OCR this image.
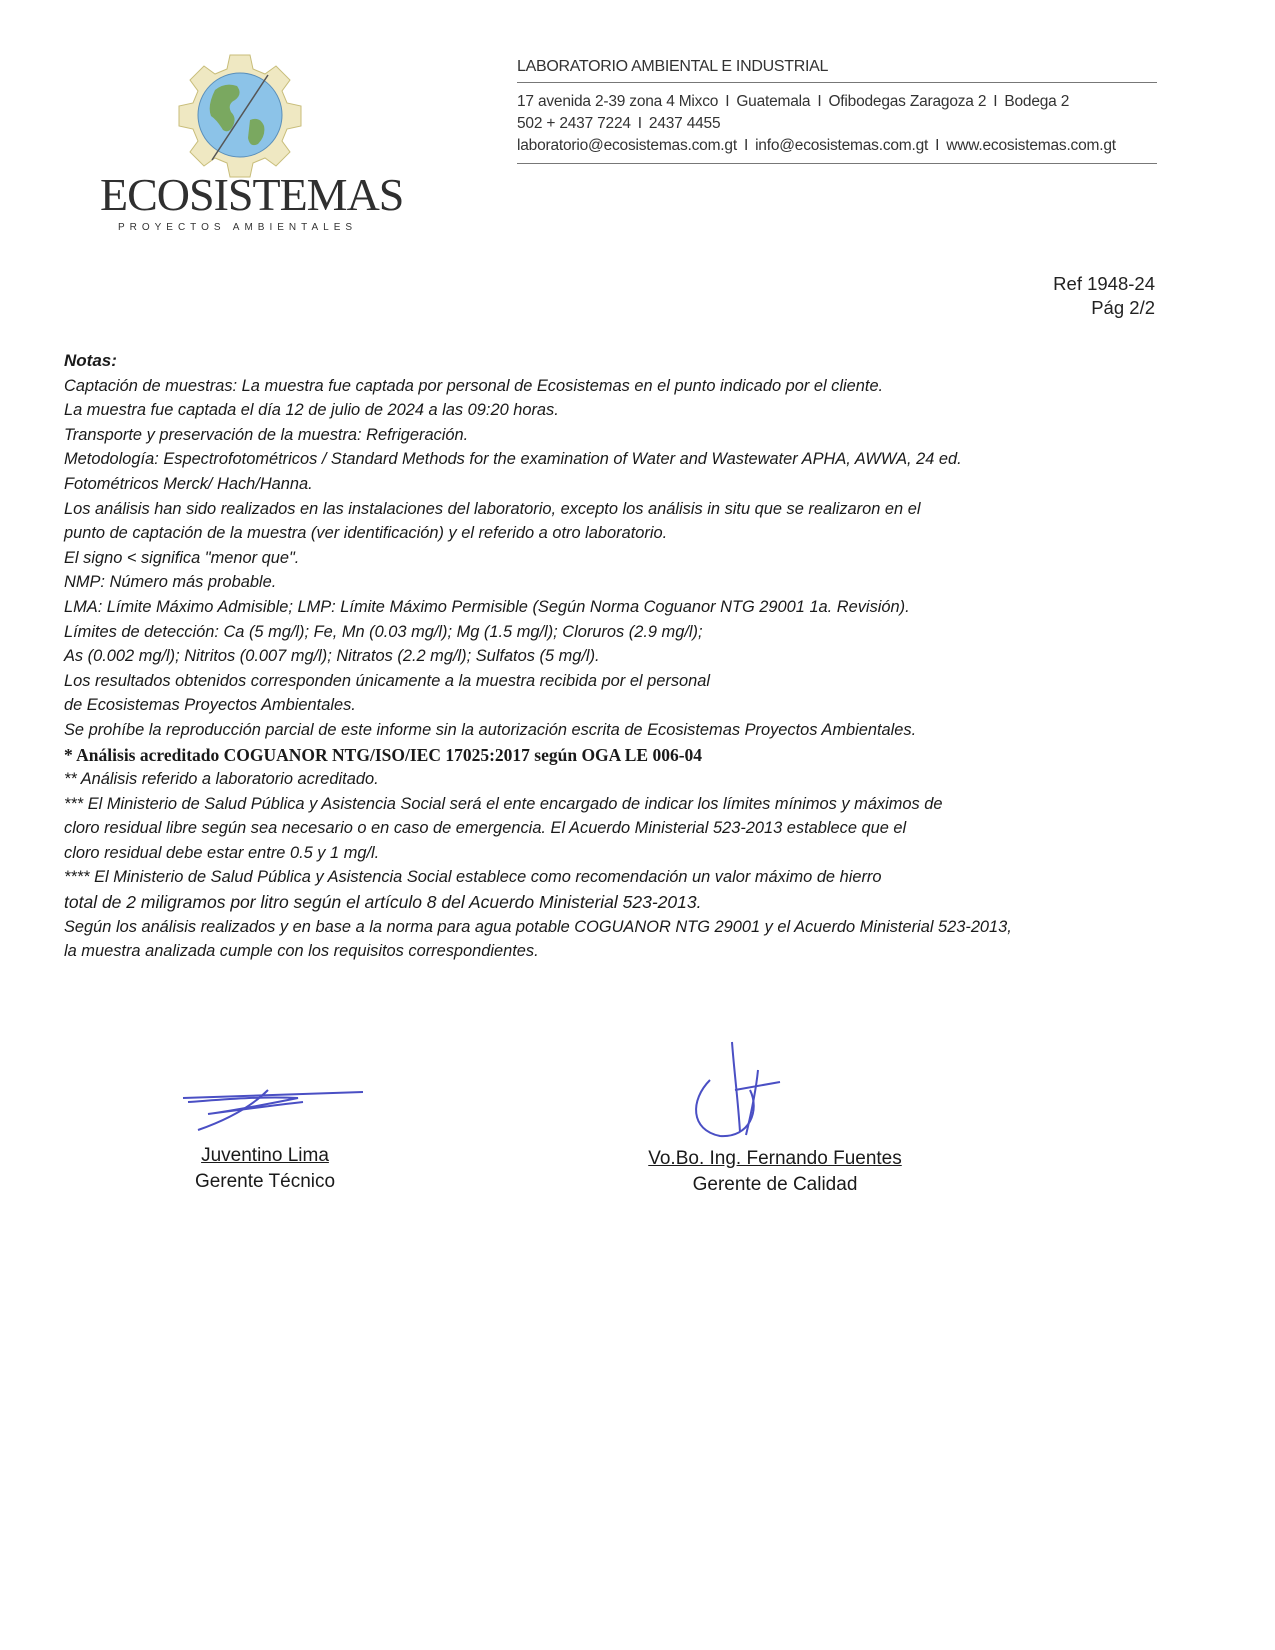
ECOSISTEMAS
PROYECTOS AMBIENTALES
LABORATORIO AMBIENTAL E INDUSTRIAL
17 avenida 2-39 zona 4 Mixco I Guatemala I Ofibodegas Zaragoza 2 I Bodega 2
502 + 2437 7224 I 2437 4455
laboratorio@ecosistemas.com.gt I info@ecosistemas.com.gt I www.ecosistemas.com.gt
Ref 1948-24
Pág 2/2
Notas:
Captación de muestras: La muestra fue captada por personal de Ecosistemas en el punto indicado por el cliente.
La muestra fue captada el día 12 de julio de 2024 a las 09:20 horas.
Transporte y preservación de la muestra: Refrigeración.
Metodología: Espectrofotométricos / Standard Methods for the examination of Water and Wastewater APHA, AWWA, 24 ed.
Fotométricos Merck/ Hach/Hanna.
Los análisis han sido realizados en las instalaciones del laboratorio, excepto los análisis in situ que se realizaron en el
punto de captación de la muestra (ver identificación) y el referido a otro laboratorio.
El signo < significa "menor que".
NMP: Número más probable.
LMA: Límite Máximo Admisible; LMP: Límite Máximo Permisible (Según Norma Coguanor NTG 29001 1a. Revisión).
Límites de detección: Ca (5 mg/l); Fe, Mn (0.03 mg/l); Mg (1.5 mg/l); Cloruros (2.9 mg/l);
As (0.002 mg/l); Nitritos (0.007 mg/l); Nitratos (2.2 mg/l); Sulfatos (5 mg/l).
Los resultados obtenidos corresponden únicamente a la muestra recibida por el personal
de Ecosistemas Proyectos Ambientales.
Se prohíbe la reproducción parcial de este informe sin la autorización escrita de Ecosistemas Proyectos Ambientales.
* Análisis acreditado COGUANOR NTG/ISO/IEC 17025:2017 según OGA LE 006-04
** Análisis referido a laboratorio acreditado.
*** El Ministerio de Salud Pública y Asistencia Social será el ente encargado de indicar los límites mínimos y máximos de
cloro residual libre según sea necesario o en caso de emergencia. El Acuerdo Ministerial 523-2013 establece que el
cloro residual debe estar entre 0.5 y 1 mg/l.
**** El Ministerio de Salud Pública y Asistencia Social establece como recomendación un valor máximo de hierro
total de 2 miligramos por litro según el artículo 8 del Acuerdo Ministerial 523-2013.
Según los análisis realizados y en base a la norma para agua potable COGUANOR NTG 29001 y el Acuerdo Ministerial 523-2013,
la muestra analizada cumple con los requisitos correspondientes.
Juventino Lima
Gerente Técnico
Vo.Bo. Ing. Fernando Fuentes
Gerente de Calidad
